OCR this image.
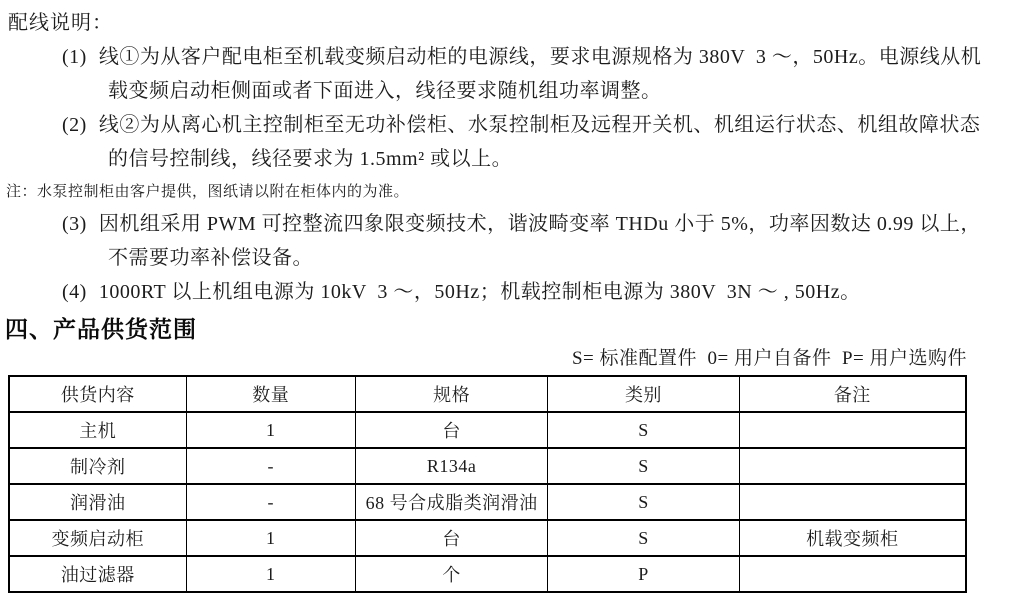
配线说明：
(1) 线①为从客户配电柜至机载变频启动柜的电源线，要求电源规格为 380V  3 ～，50Hz。电源线从机载变频启动柜侧面或者下面进入，线径要求随机组功率调整。
(2) 线②为从离心机主控制柜至无功补偿柜、水泵控制柜及远程开关机、机组运行状态、机组故障状态的信号控制线，线径要求为 1.5mm² 或以上。
注：水泵控制柜由客户提供，图纸请以附在柜体内的为准。
(3) 因机组采用 PWM 可控整流四象限变频技术，谐波畸变率 THDu 小于 5%，功率因数达 0.99 以上，不需要功率补偿设备。
(4) 1000RT 以上机组电源为 10kV  3 ～，50Hz；机载控制柜电源为 380V  3N ～ , 50Hz。
四、产品供货范围
S= 标准配置件  0= 用户自备件  P= 用户选购件
供货内容	数量	规格	类别	备注
主机	1	台	S	
制冷剂	-	R134a	S	
润滑油	-	68 号合成脂类润滑油	S	
变频启动柜	1	台	S	机载变频柜
油过滤器	1	个	P	
